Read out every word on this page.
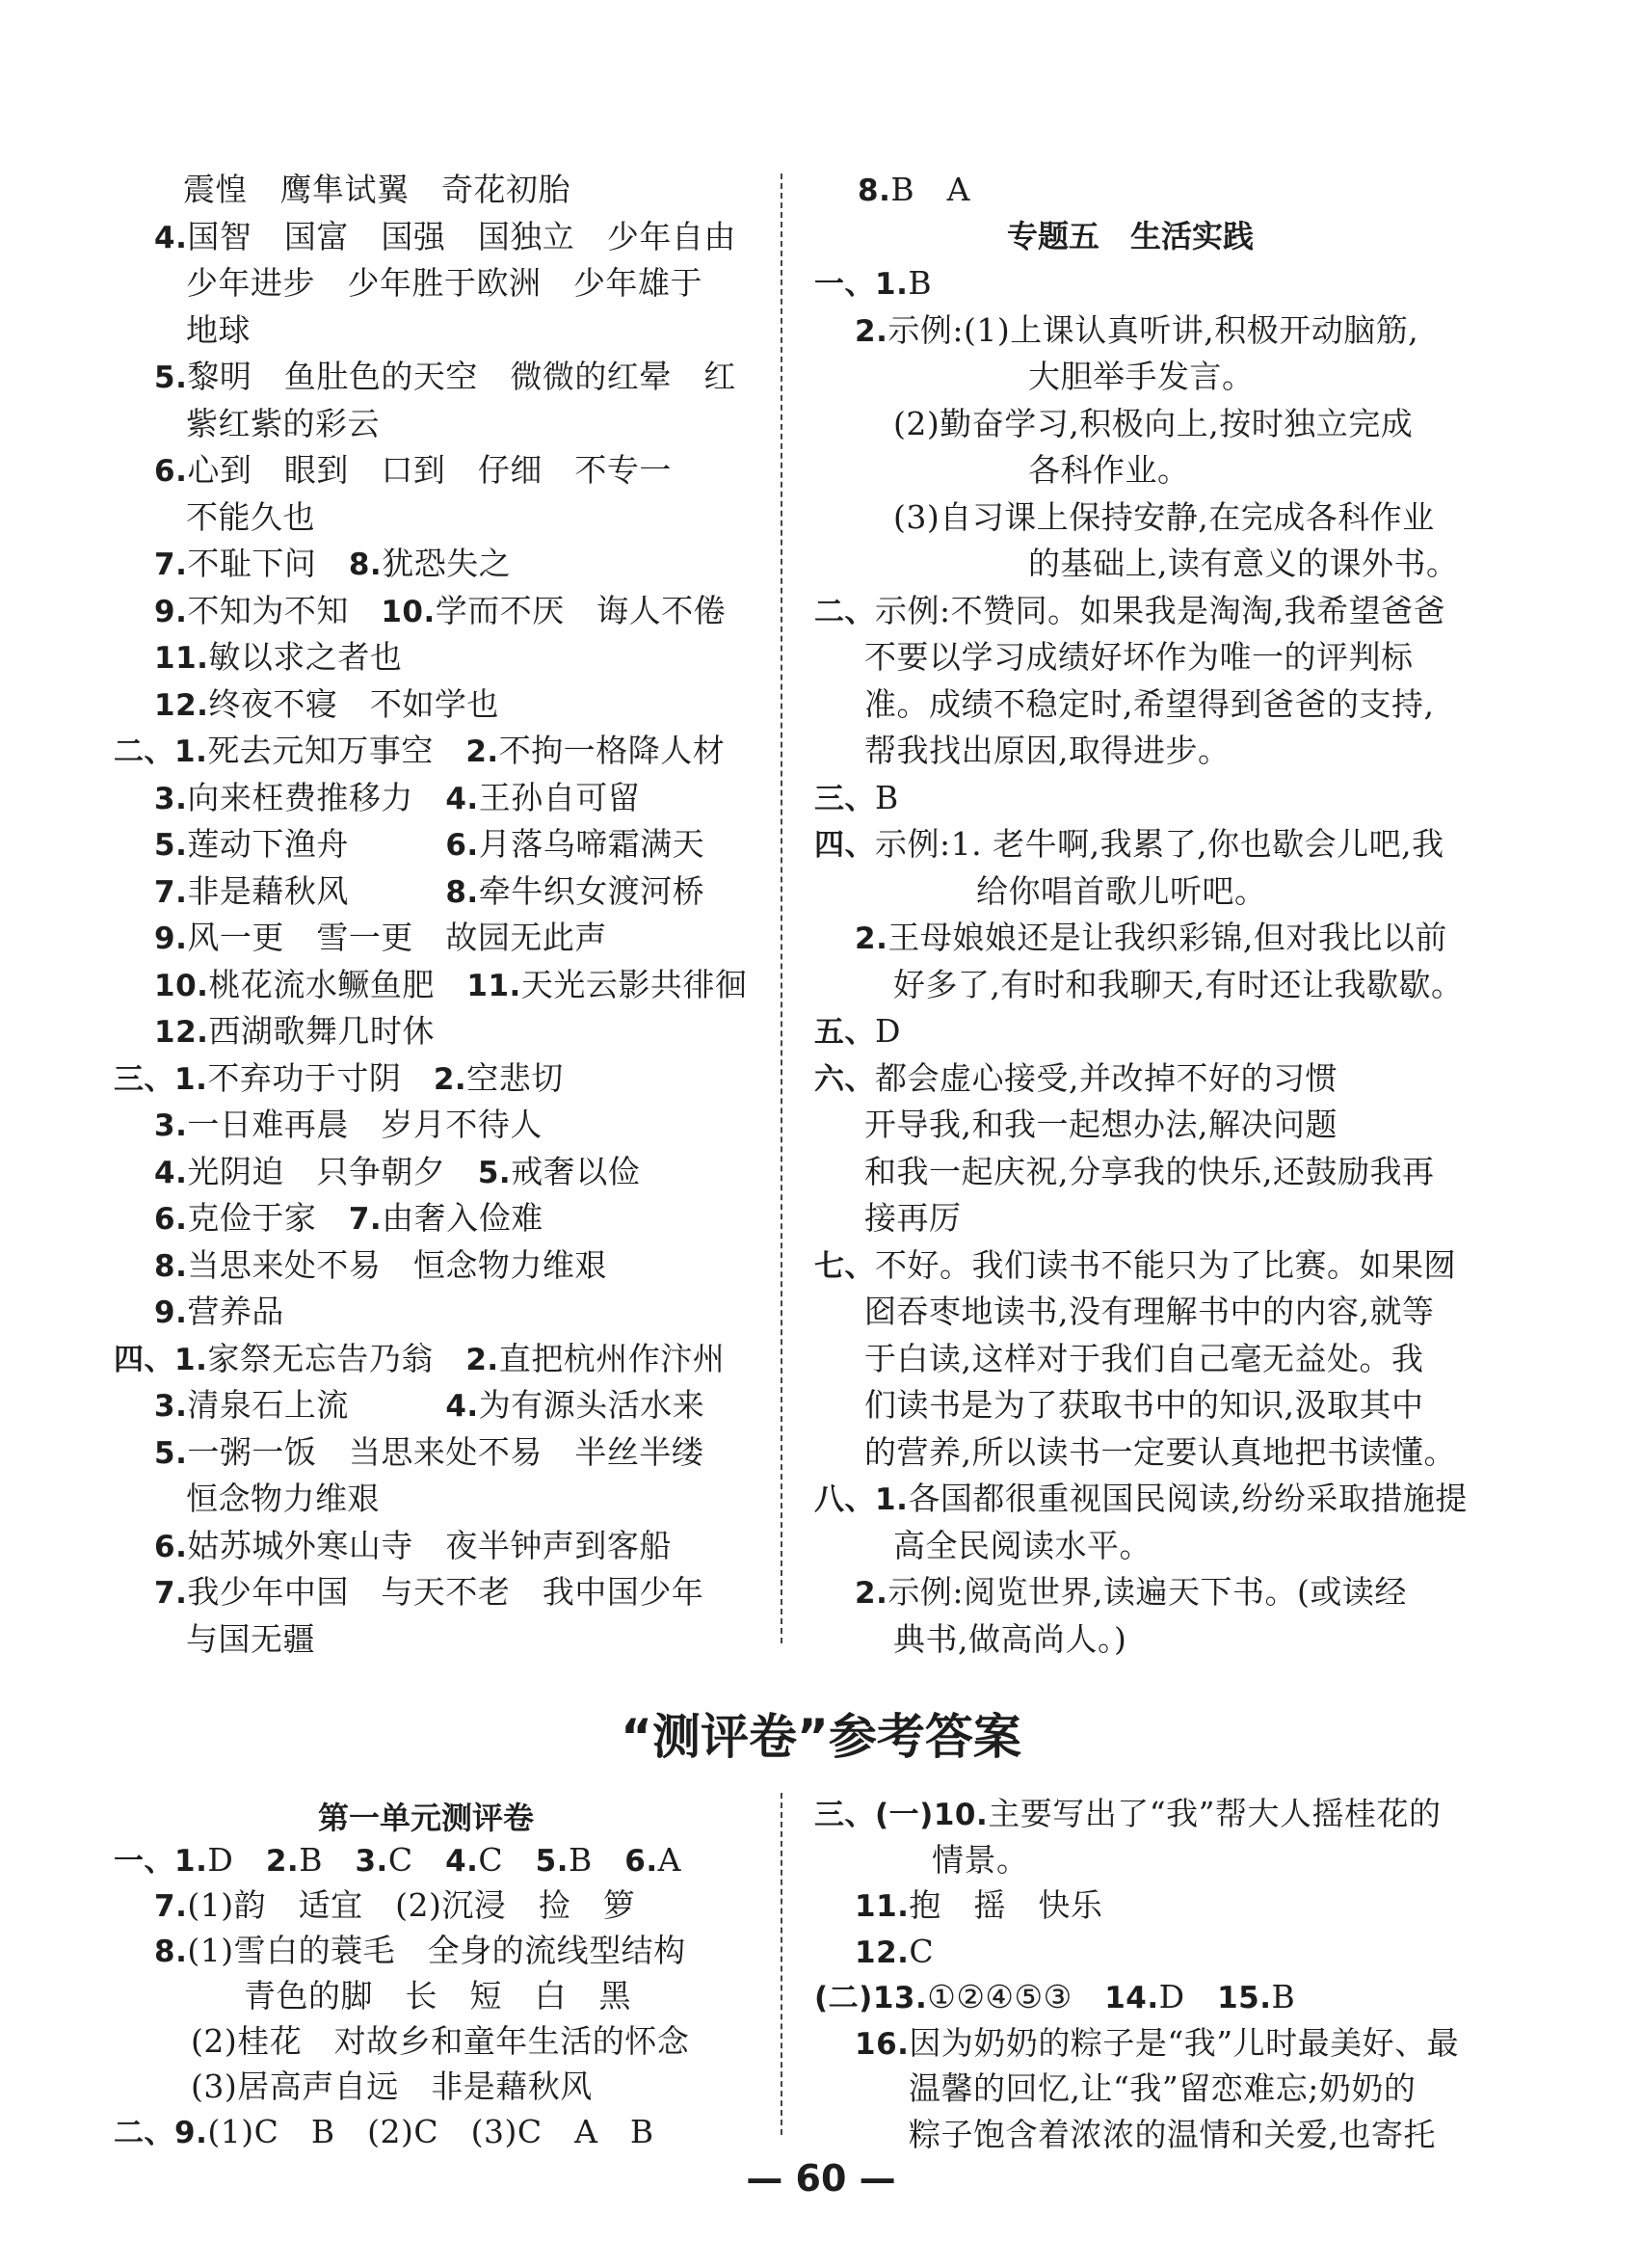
震惶　鹰隼试翼　奇花初胎
4.国智　国富　国强　国独立　少年自由
少年进步　少年胜于欧洲　少年雄于
地球
5.黎明　鱼肚色的天空　微微的红晕　红
紫红紫的彩云
6.心到　眼到　口到　仔细　不专一
不能久也
7.不耻下问　8.犹恐失之
9.不知为不知　10.学而不厌　诲人不倦
11.敏以求之者也
12.终夜不寝　不如学也
二、1.死去元知万事空　2.不拘一格降人材
3.向来枉费推移力　4.王孙自可留
5.莲动下渔舟　　　6.月落乌啼霜满天
7.非是藉秋风　　　8.牵牛织女渡河桥
9.风一更　雪一更　故园无此声
10.桃花流水鳜鱼肥　11.天光云影共徘徊
12.西湖歌舞几时休
三、1.不弃功于寸阴　2.空悲切
3.一日难再晨　岁月不待人
4.光阴迫　只争朝夕　5.戒奢以俭
6.克俭于家　7.由奢入俭难
8.当思来处不易　恒念物力维艰
9.营养品
四、1.家祭无忘告乃翁　2.直把杭州作汴州
3.清泉石上流　　　4.为有源头活水来
5.一粥一饭　当思来处不易　半丝半缕
恒念物力维艰
6.姑苏城外寒山寺　夜半钟声到客船
7.我少年中国　与天不老　我中国少年
与国无疆
8.B　A
一、1.B
2.示例:(1)上课认真听讲,积极开动脑筋,
大胆举手发言。
(2)勤奋学习,积极向上,按时独立完成
各科作业。
(3)自习课上保持安静,在完成各科作业
的基础上,读有意义的课外书。
二、示例:不赞同。如果我是淘淘,我希望爸爸
不要以学习成绩好坏作为唯一的评判标
准。成绩不稳定时,希望得到爸爸的支持,
帮我找出原因,取得进步。
三、B
四、示例:1. 老牛啊,我累了,你也歇会儿吧,我
给你唱首歌儿听吧。
2.王母娘娘还是让我织彩锦,但对我比以前
好多了,有时和我聊天,有时还让我歇歇。
五、D
六、都会虚心接受,并改掉不好的习惯
开导我,和我一起想办法,解决问题
和我一起庆祝,分享我的快乐,还鼓励我再
接再厉
七、不好。我们读书不能只为了比赛。如果囫
囵吞枣地读书,没有理解书中的内容,就等
于白读,这样对于我们自己毫无益处。我
们读书是为了获取书中的知识,汲取其中
的营养,所以读书一定要认真地把书读懂。
八、1.各国都很重视国民阅读,纷纷采取措施提
高全民阅读水平。
2.示例:阅览世界,读遍天下书。(或读经
典书,做高尚人。)
专题五　生活实践
“测评卷”参考答案
第一单元测评卷
一、1.D　2.B　3.C　4.C　5.B　6.A
7.(1)韵　适宜　(2)沉浸　捡　箩
8.(1)雪白的蓑毛　全身的流线型结构
青色的脚　长　短　白　黑
(2)桂花　对故乡和童年生活的怀念
(3)居高声自远　非是藉秋风
二、9.(1)C　B　(2)C　(3)C　A　B
三、(一)10.主要写出了“我”帮大人摇桂花的
情景。
11.抱　摇　快乐
12.C
(二)13.①②④⑤③　14.D　15.B
16.因为奶奶的粽子是“我”儿时最美好、最
温馨的回忆,让“我”留恋难忘;奶奶的
粽子饱含着浓浓的温情和关爱,也寄托
— 60 —
